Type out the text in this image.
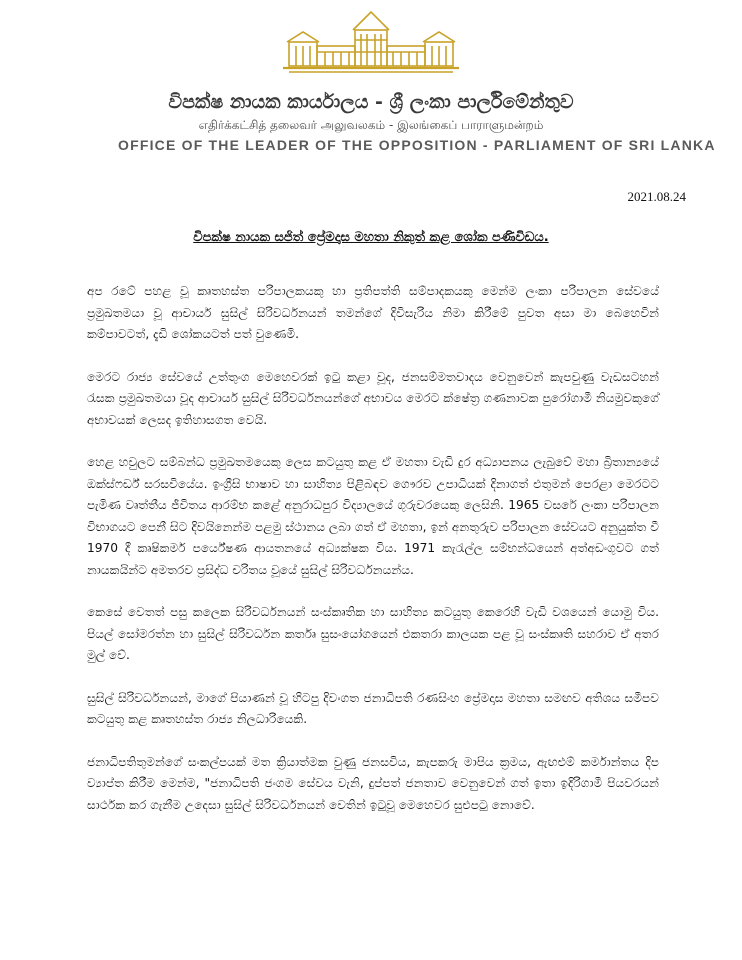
විපක්ෂ නායක කාර්යාලය - ශ්‍රී ලංකා පාර්ලිමේන්තුව
எதிர்க்கட்சித் தலைவர் அலுவலகம் - இலங்கைப் பாராளுமன்றம்
OFFICE OF THE LEADER OF THE OPPOSITION - PARLIAMENT OF SRI LANKA
2021.08.24
විපක්ෂ නායක සජිත් ප්‍රේමදාස මහතා නිකුත් කළ ශෝක පණිවිඩය.

අප රටේ පහළ වූ කෘතහස්ත පරිපාලකයකු හා ප්‍රතිපත්ති සම්පාදකයකු මෙන්ම ලංකා පරිපාලන සේවයේ ප්‍රමුඛතමයා වූ ආචාර්ය සුසිල් සිරිවර්ධනයන් තමන්ගේ දිවිසැරිය නිමා කිරීමේ පුවත අසා මා බෙහෙවින් කම්පාවටත්, දැඩි ශෝකයටත් පත් වුණෙමි.

මෙරට රාජ්‍ය සේවයේ උත්තුංග මෙහෙවරක් ඉටු කළා වූද, ජනසම්මතවාදය වෙනුවෙන් කැපවුණු වැඩසටහන් රැසක ප්‍රමුඛතමයා වූද ආචාර්ය සුසිල් සිරිවර්ධනයන්ගේ අභාවය මෙරට ක්ෂේත්‍ර ගණනාවක පුරෝගාමී නියමුවකුගේ අභාවයක් ලෙසද ඉතිහාසගත වෙයි.

හෙළ හවුලට සම්බන්ධ ප්‍රමුඛතමයෙකු ලෙස කටයුතු කළ ඒ මහතා වැඩි දුර අධ්‍යාපනය ලැබුවේ මහා බ්‍රිතාන්‍යයේ ඔක්ස්ෆර්ඩ් සරසවියේය. ඉංග්‍රීසි භාෂාව හා සාහිත්‍ය පිළිබඳව ගෞරව උපාධියක් දිනාගත් එතුමන් පෙරළා මෙරටට පැමිණ වෘත්තීය ජීවිතය ආරම්භ කළේ අනුරාධපුර විද්‍යාලයේ ගුරුවරයෙකු ලෙසිනි. 1965 වසරේ ලංකා පරිපාලන විභාගයට පෙනී සිට දිවයිනෙන්ම පළමු ස්ථානය ලබා ගත් ඒ මහතා, ඉන් අනතුරුව පරිපාලන සේවයට අනුයුක්ත වී 1970 දී කෘෂිකර්ම පර්යේෂණ ආයතනයේ අධ්‍යක්ෂක විය. 1971 කැරැල්ල සම්භන්ධයෙන් අත්අඩංගුවට ගත් නායකයින්ට අමතරව ප්‍රසිද්ධ චරිතය වූයේ සුසිල් සිරිවර්ධනයන්ය.

කෙසේ වෙතත් පසු කලෙක සිරිවර්ධනයන් සංස්කෘතික හා සාහිත්‍ය කටයුතු කෙරෙහි වැඩි වශයෙන් යොමු විය. පියල් සෝමරත්න හා සුසිල් සිරිවර්ධන කර්තෘ සුසංයෝගයෙන් එකතරා කාලයක පළ වූ සංස්කෘති සහරාව ඒ අතර මුල් වේ.

සුසිල් සිරිවර්ධනයන්, මාගේ පියාණන් වූ හිටපු දිවංගත ජනාධිපති රණසිංහ ප්‍රේමදාස මහතා සමඟව අතිශය සමීපව කටයුතු කළ කෘතහස්ත රාජ්‍ය නිලධාරියෙකි.

ජනාධිපතිතුමන්ගේ සංකල්පයක් මත ක්‍රියාත්මක වුණු ජනසවිය, කැපකරු මාපිය ක්‍රමය, ඇඟළුම් කර්මාන්තය දිප ව්‍යාප්ත කිරීම මෙන්ම, "ජනාධිපති ජංගම සේවය වැනි, දුප්පත් ජනතාව වෙනුවෙන් ගත් ඉතා ඉදිරිගාමී පියවරයන් සාර්ථක කර ගැනීම උදෙසා සුසිල් සිරිවර්ධනයන් වෙතින් ඉටුවූ මෙහෙවර සුළුපටු නොවේ.
